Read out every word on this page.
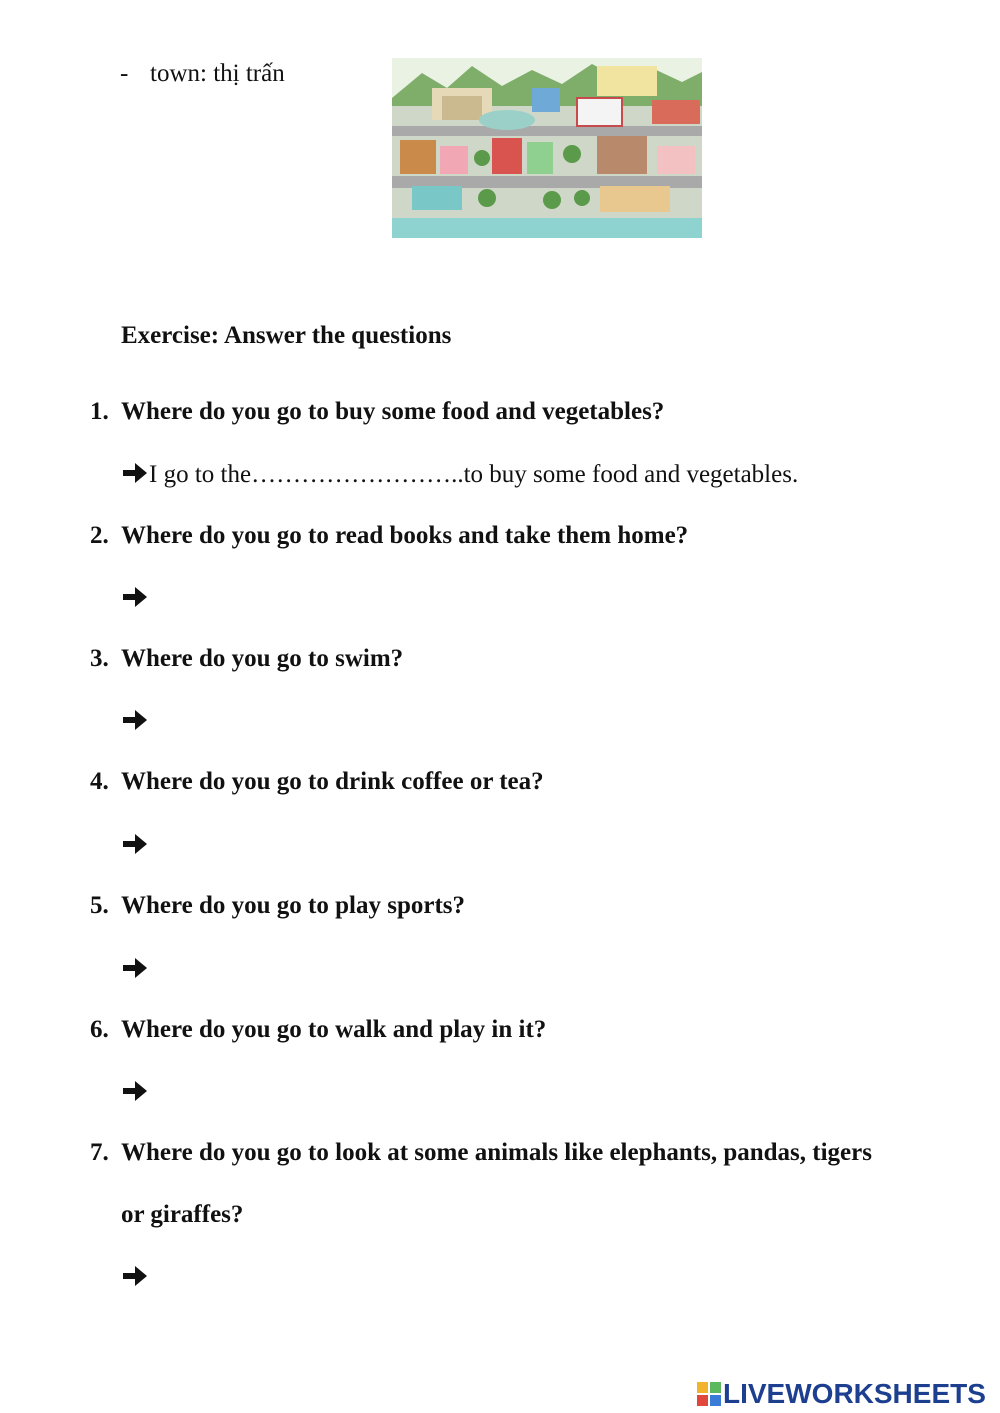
- town: thị trấn
Exercise: Answer the questions
1. Where do you go to buy some food and vegetables?
I go to the……………………..to buy some food and vegetables.
2. Where do you go to read books and take them home?
3. Where do you go to swim?
4. Where do you go to drink coffee or tea?
5. Where do you go to play sports?
6. Where do you go to walk and play in it?
7. Where do you go to look at some animals like elephants, pandas, tigers
or giraffes?
LIVEWORKSHEETS
